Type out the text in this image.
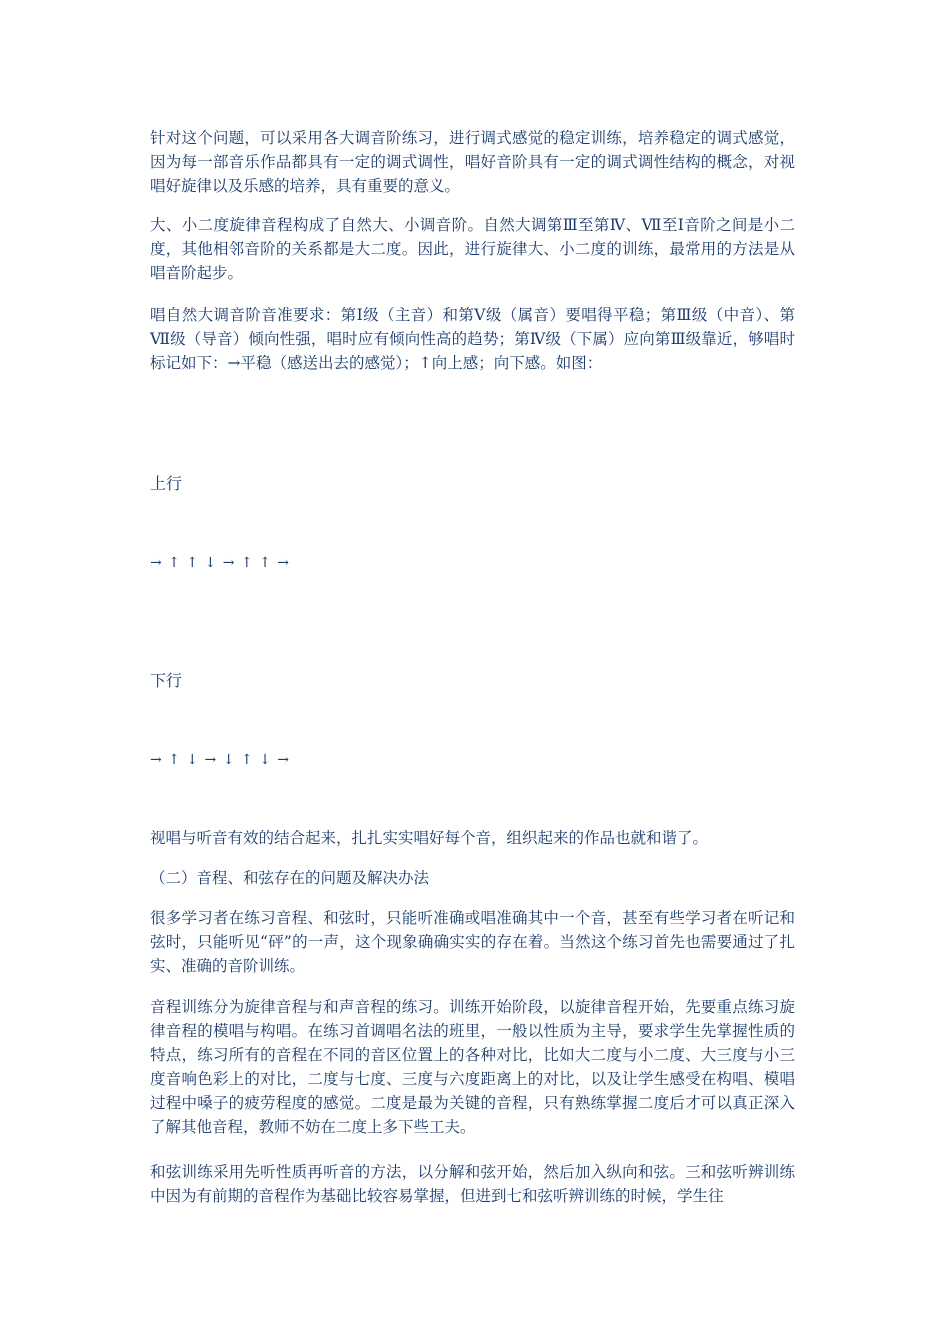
针对这个问题，可以采用各大调音阶练习，进行调式感觉的稳定训练，培养稳定的调式感觉，因为每一部音乐作品都具有一定的调式调性，唱好音阶具有一定的调式调性结构的概念，对视唱好旋律以及乐感的培养，具有重要的意义。

大、小二度旋律音程构成了自然大、小调音阶。自然大调第Ⅲ至第Ⅳ、Ⅶ至Ⅰ音阶之间是小二度，其他相邻音阶的关系都是大二度。因此，进行旋律大、小二度的训练，最常用的方法是从唱音阶起步。

唱自然大调音阶音准要求：第Ⅰ级（主音）和第Ⅴ级（属音）要唱得平稳；第Ⅲ级（中音）、第Ⅶ级（导音）倾向性强，唱时应有倾向性高的趋势；第Ⅳ级（下属）应向第Ⅲ级靠近，够唱时标记如下：→平稳（感送出去的感觉）；↑向上感；向下感。如图：

上行

→ ↑ ↑ ↓ → ↑ ↑ →

下行

→ ↑ ↓ → ↓ ↑ ↓ →

视唱与听音有效的结合起来，扎扎实实唱好每个音，组织起来的作品也就和谐了。

（二）音程、和弦存在的问题及解决办法

很多学习者在练习音程、和弦时，只能听准确或唱准确其中一个音，甚至有些学习者在听记和弦时，只能听见“砰”的一声，这个现象确确实实的存在着。当然这个练习首先也需要通过了扎实、准确的音阶训练。

音程训练分为旋律音程与和声音程的练习。训练开始阶段，以旋律音程开始，先要重点练习旋律音程的模唱与构唱。在练习首调唱名法的班里，一般以性质为主导，要求学生先掌握性质的特点，练习所有的音程在不同的音区位置上的各种对比，比如大二度与小二度、大三度与小三度音响色彩上的对比，二度与七度、三度与六度距离上的对比，以及让学生感受在构唱、模唱过程中嗓子的疲劳程度的感觉。二度是最为关键的音程，只有熟练掌握二度后才可以真正深入了解其他音程，教师不妨在二度上多下些工夫。

和弦训练采用先听性质再听音的方法，以分解和弦开始，然后加入纵向和弦。三和弦听辨训练中因为有前期的音程作为基础比较容易掌握，但进到七和弦听辨训练的时候，学生往
